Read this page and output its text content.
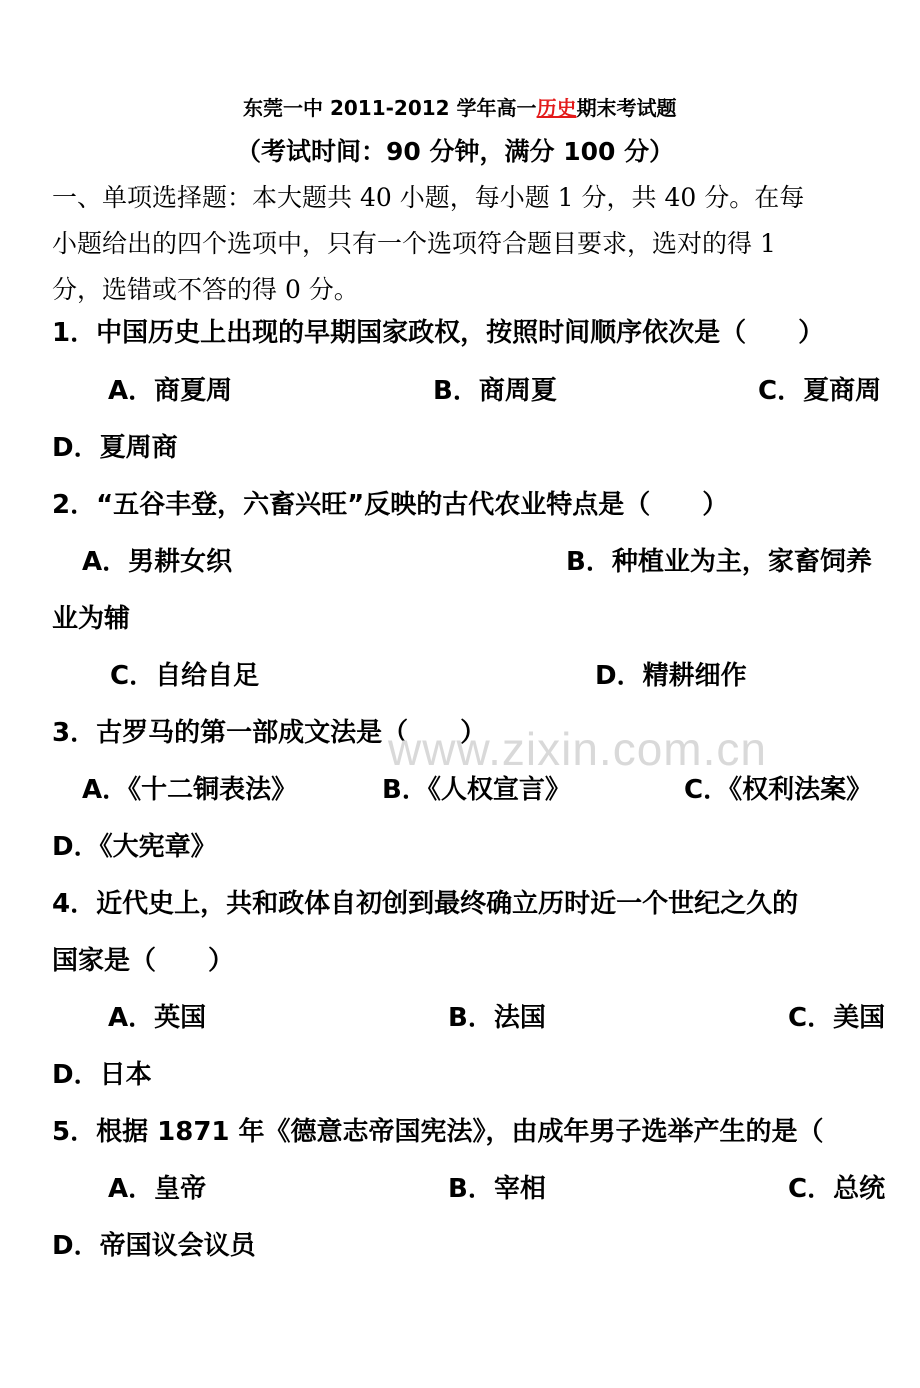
东莞一中 2011-2012 学年高一历史期末考试题
（考试时间：90 分钟，满分 100 分）
一、单项选择题：本大题共 40 小题，每小题 1 分，共 40 分。在每
小题给出的四个选项中，只有一个选项符合题目要求，选对的得 1
分，选错或不答的得 0 分。
1．中国历史上出现的早期国家政权，按照时间顺序依次是（　　）
A．商夏周	B．商周夏	C．夏商周
D．夏周商
2．“五谷丰登，六畜兴旺”反映的古代农业特点是（　　）
A．男耕女织	B．种植业为主，家畜饲养
业为辅
C．自给自足	D．精耕细作
3．古罗马的第一部成文法是（　　）
A．《十二铜表法》	B．《人权宣言》	C．《权利法案》
D．《大宪章》
4．近代史上，共和政体自初创到最终确立历时近一个世纪之久的
国家是（　　）
A．英国	B．法国	C．美国
D．日本
5．根据 1871 年《德意志帝国宪法》，由成年男子选举产生的是（
A．皇帝	B．宰相	C．总统
D．帝国议会议员
www.zixin.com.cn
